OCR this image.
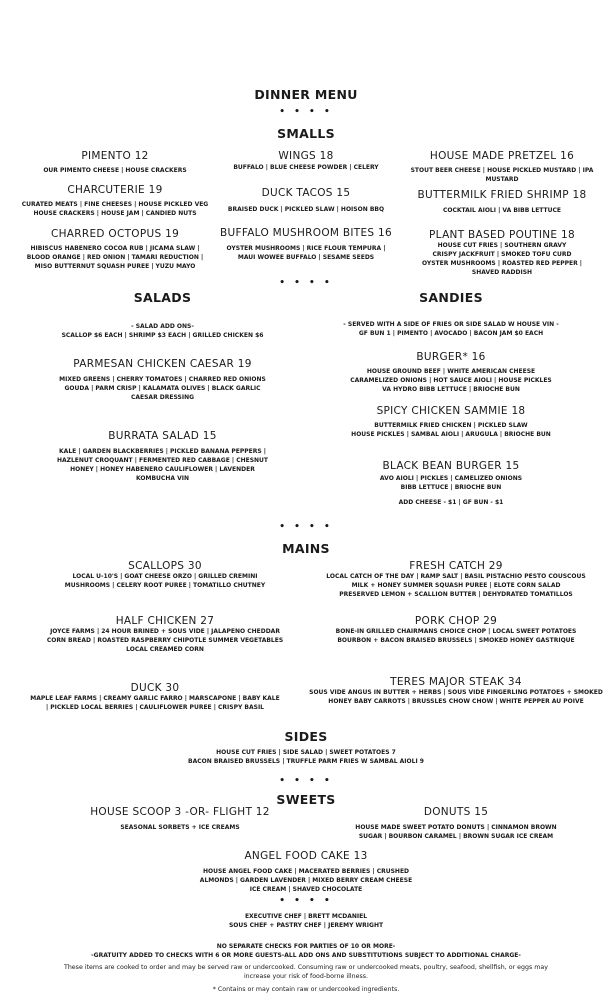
DINNER MENU
• • • •
SMALLS
PIMENTO 12
OUR PIMENTO CHEESE | HOUSE CRACKERS
CHARCUTERIE 19
CURATED MEATS | FINE CHEESES | HOUSE PICKLED VEG
HOUSE CRACKERS | HOUSE JAM | CANDIED NUTS
CHARRED OCTOPUS 19
HIBISCUS HABENERO COCOA RUB | JICAMA SLAW |
BLOOD ORANGE | RED ONION | TAMARI REDUCTION |
MISO BUTTERNUT SQUASH PUREE | YUZU MAYO
WINGS 18
BUFFALO | BLUE CHEESE POWDER | CELERY
DUCK TACOS 15
BRAISED DUCK | PICKLED SLAW | HOISON BBQ
BUFFALO MUSHROOM BITES 16
OYSTER MUSHROOMS | RICE FLOUR TEMPURA |
MAUI WOWEE BUFFALO | SESAME SEEDS
HOUSE MADE PRETZEL 16
STOUT BEER CHEESE | HOUSE PICKLED MUSTARD | IPA
MUSTARD
BUTTERMILK FRIED SHRIMP 18
COCKTAIL AIOLI | VA BIBB LETTUCE
PLANT BASED POUTINE 18
HOUSE CUT FRIES | SOUTHERN GRAVY
CRISPY JACKFRUIT | SMOKED TOFU CURD
OYSTER MUSHROOMS | ROASTED RED PEPPER |
SHAVED RADDISH
• • • •
SALADS
- SALAD ADD ONS-
SCALLOP $6 EACH | SHRIMP $3 EACH | GRILLED CHICKEN $6
PARMESAN CHICKEN CAESAR 19
MIXED GREENS | CHERRY TOMATOES | CHARRED RED ONIONS
GOUDA | PARM CRISP | KALAMATA OLIVES | BLACK GARLIC
CAESAR DRESSING
BURRATA SALAD 15
KALE | GARDEN BLACKBERRIES | PICKLED BANANA PEPPERS |
HAZLENUT CROQUANT | FERMENTED RED CABBAGE | CHESNUT
HONEY | HONEY HABENERO CAULIFLOWER | LAVENDER
KOMBUCHA VIN
SANDIES
- SERVED WITH A SIDE OF FRIES OR SIDE SALAD W HOUSE VIN -
GF BUN 1 | PIMENTO | AVOCADO | BACON JAM $0 EACH
BURGER* 16
HOUSE GROUND BEEF | WHITE AMERICAN CHEESE
CARAMELIZED ONIONS | HOT SAUCE AIOLI | HOUSE PICKLES
VA HYDRO BIBB LETTUCE | BRIOCHE BUN
SPICY CHICKEN SAMMIE 18
BUTTERMILK FRIED CHICKEN | PICKLED SLAW
HOUSE PICKLES | SAMBAL AIOLI | ARUGULA | BRIOCHE BUN
BLACK BEAN BURGER 15
AVO AIOLI | PICKLES | CAMELIZED ONIONS
BIBB LETTUCE | BRIOCHE BUN
ADD CHEESE - $1 | GF BUN - $1
• • • •
MAINS
SCALLOPS 30
LOCAL U-10'S | GOAT CHEESE ORZO | GRILLED CREMINI
MUSHROOMS | CELERY ROOT PUREE | TOMATILLO CHUTNEY
HALF CHICKEN 27
JOYCE FARMS | 24 HOUR BRINED + SOUS VIDE | JALAPENO CHEDDAR
CORN BREAD | ROASTED RASPBERRY CHIPOTLE SUMMER VEGETABLES
LOCAL CREAMED CORN
DUCK 30
MAPLE LEAF FARMS | CREAMY GARLIC FARRO | MARSCAPONE | BABY KALE
| PICKLED LOCAL BERRIES | CAULIFLOWER PUREE | CRISPY BASIL
FRESH CATCH 29
LOCAL CATCH OF THE DAY | RAMP SALT | BASIL PISTACHIO PESTO COUSCOUS
MILK + HONEY SUMMER SQUASH PUREE | ELOTE CORN SALAD
PRESERVED LEMON + SCALLION BUTTER | DEHYDRATED TOMATILLOS
PORK CHOP 29
BONE-IN GRILLED CHAIRMANS CHOICE CHOP | LOCAL SWEET POTATOES
BOURBON + BACON BRAISED BRUSSELS | SMOKED HONEY GASTRIQUE
TERES MAJOR STEAK 34
SOUS VIDE ANGUS IN BUTTER + HERBS | SOUS VIDE FINGERLING POTATOES + SMOKED
HONEY BABY CARROTS | BRUSSLES CHOW CHOW | WHITE PEPPER AU POIVE
SIDES
HOUSE CUT FRIES | SIDE SALAD | SWEET POTATOES 7
BACON BRAISED BRUSSELS | TRUFFLE PARM FRIES W SAMBAL AIOLI 9
• • • •
SWEETS
HOUSE SCOOP 3 -OR- FLIGHT 12
SEASONAL SORBETS + ICE CREAMS
DONUTS 15
HOUSE MADE SWEET POTATO DONUTS | CINNAMON BROWN
SUGAR | BOURBON CARAMEL | BROWN SUGAR ICE CREAM
ANGEL FOOD CAKE 13
HOUSE ANGEL FOOD CAKE | MACERATED BERRIES | CRUSHED
ALMONDS | GARDEN LAVENDER | MIXED BERRY CREAM CHEESE
ICE CREAM | SHAVED CHOCOLATE
• • • •
EXECUTIVE CHEF | BRETT MCDANIEL
SOUS CHEF + PASTRY CHEF | JEREMY WRIGHT
NO SEPARATE CHECKS FOR PARTIES OF 10 OR MORE-
-GRATUITY ADDED TO CHECKS WITH 6 OR MORE GUESTS-ALL ADD ONS AND SUBSTITUTIONS SUBJECT TO ADDITIONAL CHARGE-
These items are cooked to order and may be served raw or undercooked. Consuming raw or undercooked meats, poultry, seafood, shellfish, or eggs may
increase your risk of food-borne illness.
* Contains or may contain raw or undercooked ingredients.
